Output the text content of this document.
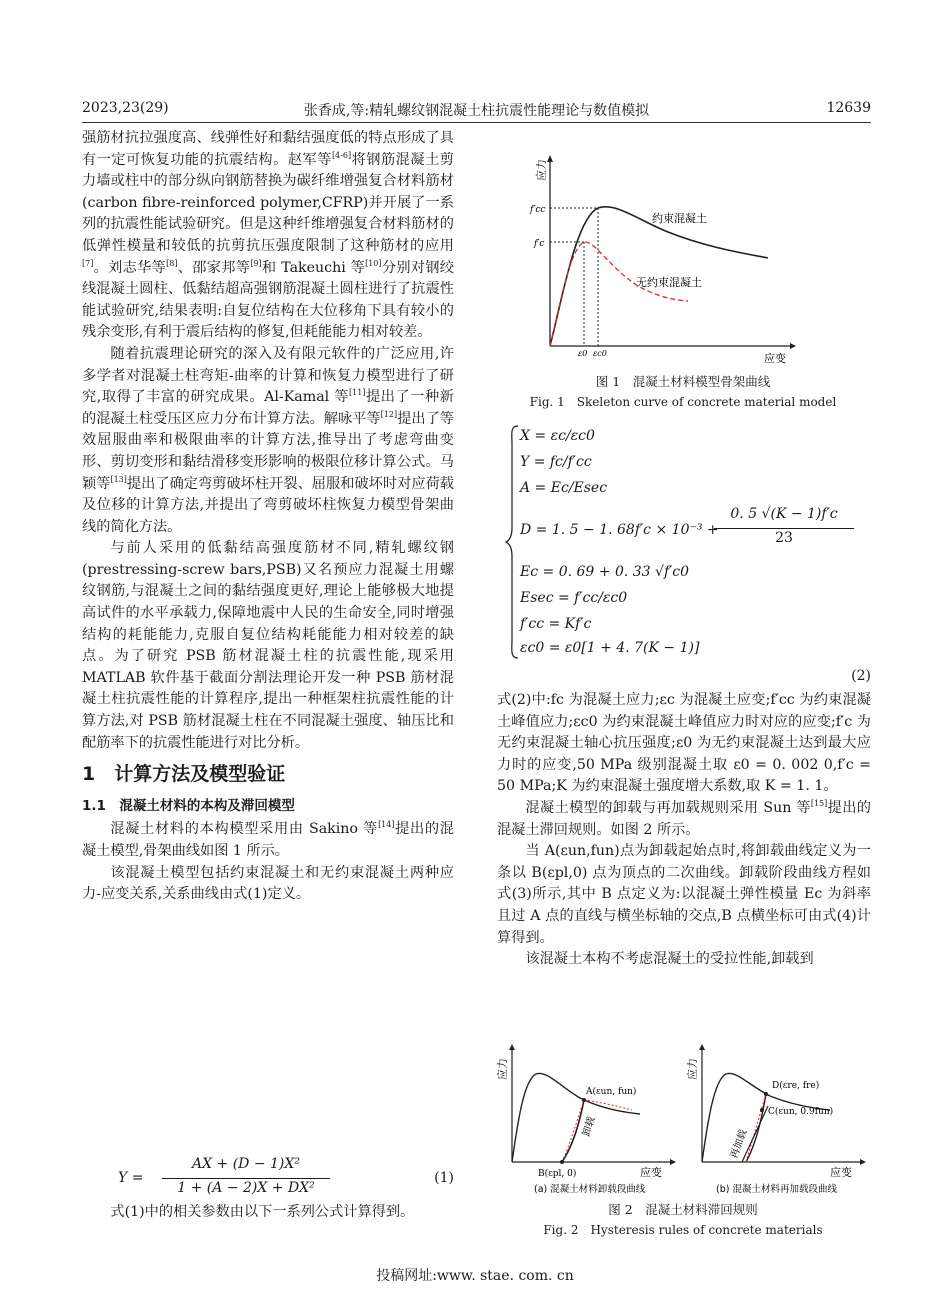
2023,23(29)	张香成,等:精轧螺纹钢混凝土柱抗震性能理论与数值模拟	12639

强筋材抗拉强度高、线弹性好和黏结强度低的特点形成了具有一定可恢复功能的抗震结构。赵军等[4-6]将钢筋混凝土剪力墙或柱中的部分纵向钢筋替换为碳纤维增强复合材料筋材(carbon fibre-reinforced polymer,CFRP)并开展了一系列的抗震性能试验研究。但是这种纤维增强复合材料筋材的低弹性模量和较低的抗剪抗压强度限制了这种筋材的应用[7]。刘志华等[8]、邵家邦等[9]和 Takeuchi 等[10]分别对钢绞线混凝土圆柱、低黏结超高强钢筋混凝土圆柱进行了抗震性能试验研究,结果表明:自复位结构在大位移角下具有较小的残余变形,有利于震后结构的修复,但耗能能力相对较差。

随着抗震理论研究的深入及有限元软件的广泛应用,许多学者对混凝土柱弯矩-曲率的计算和恢复力模型进行了研究,取得了丰富的研究成果。Al-Kamal 等[11]提出了一种新的混凝土柱受压区应力分布计算方法。解咏平等[12]提出了等效屈服曲率和极限曲率的计算方法,推导出了考虑弯曲变形、剪切变形和黏结滑移变形影响的极限位移计算公式。马颖等[13]提出了确定弯剪破坏柱开裂、屈服和破坏时对应荷载及位移的计算方法,并提出了弯剪破坏柱恢复力模型骨架曲线的简化方法。

与前人采用的低黏结高强度筋材不同,精轧螺纹钢(prestressing-screw bars,PSB)又名预应力混凝土用螺纹钢筋,与混凝土之间的黏结强度更好,理论上能够极大地提高试件的水平承载力,保障地震中人民的生命安全,同时增强结构的耗能能力,克服自复位结构耗能能力相对较差的缺点。为了研究 PSB 筋材混凝土柱的抗震性能,现采用 MATLAB 软件基于截面分割法理论开发一种 PSB 筋材混凝土柱抗震性能的计算程序,提出一种框架柱抗震性能的计算方法,对 PSB 筋材混凝土柱在不同混凝土强度、轴压比和配筋率下的抗震性能进行对比分析。

1　计算方法及模型验证
1.1　混凝土材料的本构及滞回模型

混凝土材料的本构模型采用由 Sakino 等[14]提出的混凝土模型,骨架曲线如图 1 所示。

该混凝土模型包括约束混凝土和无约束混凝土两种应力-应变关系,关系曲线由式(1)定义。

Y =
AX + (D − 1)X²
1 + (A − 2)X + DX²
(1)

式(1)中的相关参数由以下一系列公式计算得到。

应力
应变
f′cc
f′c
ε0 εc0
约束混凝土
无约束混凝土
图 1　混凝土材料模型骨架曲线
Fig. 1　Skeleton curve of concrete material model
X = εc/εc0
Y = fc/f′cc
A = Ec/Esec
D = 1. 5 − 1. 68f′c × 10⁻³ +
0. 5 √(K − 1)f′c
23
Ec = 0. 69 + 0. 33 √f′c0
Esec = f′cc/εc0
f′cc = Kf′c
εc0 = ε0[1 + 4. 7(K − 1)]
(2)

式(2)中:fc 为混凝土应力;εc 为混凝土应变;f′cc 为约束混凝土峰值应力;εc0 为约束混凝土峰值应力时对应的应变;f′c 为无约束混凝土轴心抗压强度;ε0 为无约束混凝土达到最大应力时的应变,50 MPa 级别混凝土取 ε0 = 0. 002 0,f′c = 50 MPa;K 为约束混凝土强度增大系数,取 K = 1. 1。

混凝土模型的卸载与再加载规则采用 Sun 等[15]提出的混凝土滞回规则。如图 2 所示。

当 A(εun,fun)点为卸载起始点时,将卸载曲线定义为一条以 B(εpl,0) 点为顶点的二次曲线。卸载阶段曲线方程如式(3)所示,其中 B 点定义为:以混凝土弹性模量 Ec 为斜率且过 A 点的直线与横坐标轴的交点,B 点横坐标可由式(4)计算得到。

该混凝土本构不考虑混凝土的受拉性能,卸载到

应力
应变
A(εun, fun)
B(εpl, 0)
卸载
(a) 混凝土材料卸载段曲线
应力
应变
D(εre, fre)
C(εun, 0.9fun)
再加载
(b) 混凝土材料再加载段曲线
图 2　混凝土材料滞回规则
Fig. 2　Hysteresis rules of concrete materials
投稿网址:www. stae. com. cn
